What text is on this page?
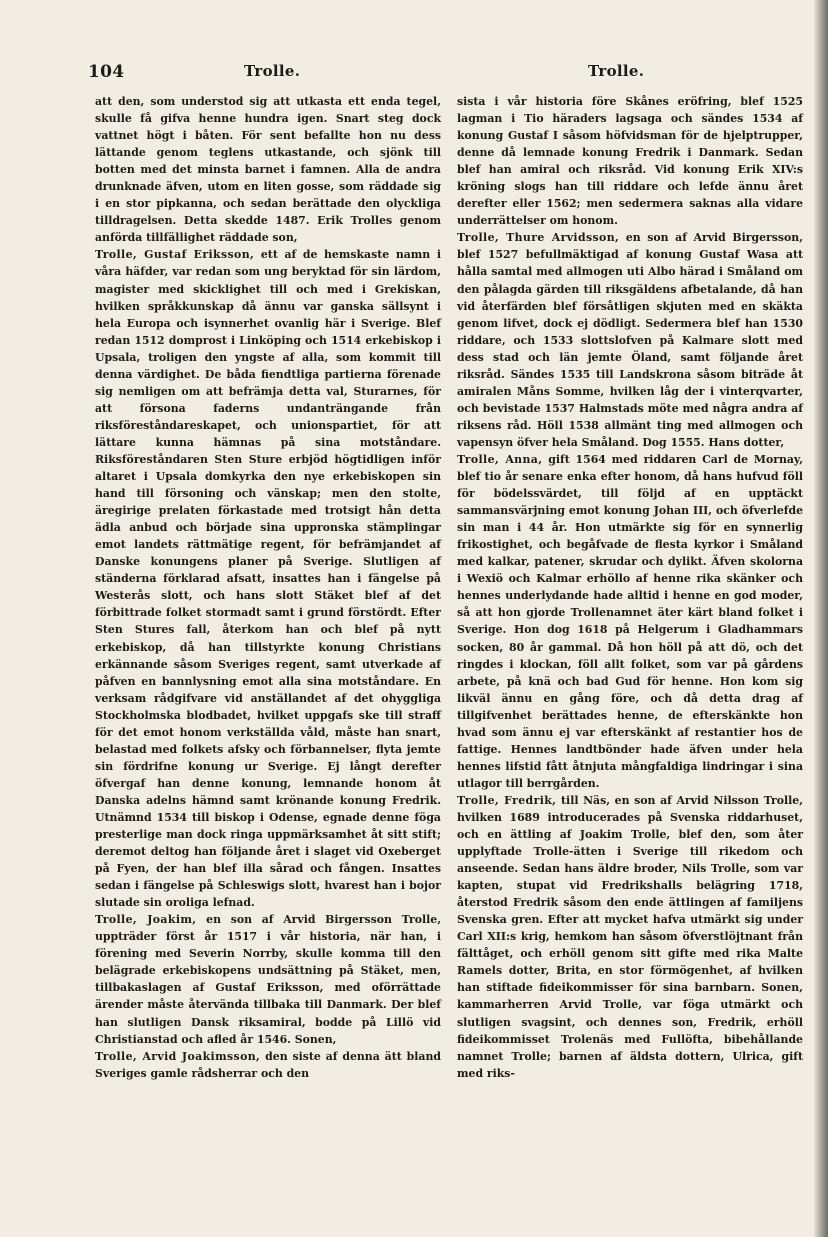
104	Trolle.	Trolle.

att den, som understod sig att utkasta ett enda tegel, skulle få gifva henne hundra igen. Snart steg dock vattnet högt i båten. För sent befallte hon nu dess lättande genom teglens utkastande, och sjönk till botten med det minsta barnet i famnen. Alla de andra drunknade äfven, utom en liten gosse, som räddade sig i en stor pipkanna, och sedan berättade den olyckliga tilldragelsen. Detta skedde 1487. Erik Trolles genom anförda tillfällighet räddade son,

Trolle, Gustaf Eriksson, ett af de hemskaste namn i våra häfder, var redan som ung beryktad för sin lärdom, magister med skicklighet till och med i Grekiskan, hvilken språkkunskap då ännu var ganska sällsynt i hela Europa och isynnerhet ovanlig här i Sverige. Blef redan 1512 domprost i Linköping och 1514 erkebiskop i Upsala, troligen den yngste af alla, som kommit till denna värdighet. De båda fiendtliga partierna förenade sig nemligen om att befrämja detta val, Sturarnes, för att försona faderns undanträngande från riksföreståndareskapet, och unionspartiet, för att lättare kunna hämnas på sina motståndare. Riksföreståndaren Sten Sture erbjöd högtidligen inför altaret i Upsala domkyrka den nye erkebiskopen sin hand till försoning och vänskap; men den stolte, äregirige prelaten förkastade med trotsigt hån detta ädla anbud och började sina uppronska stämplingar emot landets rättmätige regent, för befrämjandet af Danske konungens planer på Sverige. Slutligen af ständerna förklarad afsatt, insattes han i fängelse på Westerås slott, och hans slott Stäket blef af det förbittrade folket stormadt samt i grund förstördt. Efter Sten Stures fall, återkom han och blef på nytt erkebiskop, då han tillstyrkte konung Christians erkännande såsom Sveriges regent, samt utverkade af påfven en bannlysning emot alla sina motståndare. En verksam rådgifvare vid anställandet af det ohyggliga Stockholmska blodbadet, hvilket uppgafs ske till straff för det emot honom verkställda våld, måste han snart, belastad med folkets afsky och förbannelser, flyta jemte sin fördrifne konung ur Sverige. Ej långt derefter öfvergaf han denne konung, lemnande honom åt Danska adelns hämnd samt krönande konung Fredrik. Utnämnd 1534 till biskop i Odense, egnade denne föga presterlige man dock ringa uppmärksamhet åt sitt stift; deremot deltog han följande året i slaget vid Oxeberget på Fyen, der han blef illa sårad och fången. Insattes sedan i fängelse på Schleswigs slott, hvarest han i bojor slutade sin oroliga lefnad.

Trolle, Joakim, en son af Arvid Birgersson Trolle, uppträder först år 1517 i vår historia, när han, i förening med Severin Norrby, skulle komma till den belägrade erkebiskopens undsättning på Stäket, men, tillbakaslagen af Gustaf Eriksson, med oförrättade ärender måste återvända tillbaka till Danmark. Der blef han slutligen Dansk riksamiral, bodde på Lillö vid Christianstad och afled år 1546. Sonen,

Trolle, Arvid Joakimsson, den siste af denna ätt bland Sveriges gamle rådsherrar och den

sista i vår historia före Skånes eröfring, blef 1525 lagman i Tio häraders lagsaga och sändes 1534 af konung Gustaf I såsom höfvidsman för de hjelptrupper, denne då lemnade konung Fredrik i Danmark. Sedan blef han amiral och riksråd. Vid konung Erik XIV:s kröning slogs han till riddare och lefde ännu året derefter eller 1562; men sedermera saknas alla vidare underrättelser om honom.

Trolle, Thure Arvidsson, en son af Arvid Birgersson, blef 1527 befullmäktigad af konung Gustaf Wasa att hålla samtal med allmogen uti Albo härad i Småland om den pålagda gärden till riksgäldens afbetalande, då han vid återfärden blef försåtligen skjuten med en skäkta genom lifvet, dock ej dödligt. Sedermera blef han 1530 riddare, och 1533 slottslofven på Kalmare slott med dess stad och län jemte Öland, samt följande året riksråd. Sändes 1535 till Landskrona såsom biträde åt amiralen Måns Somme, hvilken låg der i vinterqvarter, och bevistade 1537 Halmstads möte med några andra af riksens råd. Höll 1538 allmänt ting med allmogen och vapensyn öfver hela Småland. Dog 1555. Hans dotter,

Trolle, Anna, gift 1564 med riddaren Carl de Mornay, blef tio år senare enka efter honom, då hans hufvud föll för bödelssvärdet, till följd af en upptäckt sammansvärjning emot konung Johan III, och öfverlefde sin man i 44 år. Hon utmärkte sig för en synnerlig frikostighet, och begåfvade de flesta kyrkor i Småland med kalkar, patener, skrudar och dylikt. Äfven skolorna i Wexiö och Kalmar erhöllo af henne rika skänker och hennes underlydande hade alltid i henne en god moder, så att hon gjorde Trollenamnet äter kärt bland folket i Sverige. Hon dog 1618 på Helgerum i Gladhammars socken, 80 år gammal. Då hon höll på att dö, och det ringdes i klockan, föll allt folket, som var på gårdens arbete, på knä och bad Gud för henne. Hon kom sig likväl ännu en gång före, och då detta drag af tillgifvenhet berättades henne, de efterskänkte hon hvad som ännu ej var efterskänkt af restantier hos de fattige. Hennes landtbönder hade äfven under hela hennes lifstid fått åtnjuta mångfaldiga lindringar i sina utlagor till berrgården.

Trolle, Fredrik, till Näs, en son af Arvid Nilsson Trolle, hvilken 1689 introducerades på Svenska riddarhuset, och en ättling af Joakim Trolle, blef den, som åter upplyftade Trolle-ätten i Sverige till rikedom och anseende. Sedan hans äldre broder, Nils Trolle, som var kapten, stupat vid Fredrikshalls belägring 1718, återstod Fredrik såsom den ende ättlingen af familjens Svenska gren. Efter att mycket hafva utmärkt sig under Carl XII:s krig, hemkom han såsom öfverstlöjtnant från fälttåget, och erhöll genom sitt gifte med rika Malte Ramels dotter, Brita, en stor förmögenhet, af hvilken han stiftade fideikommisser för sina barnbarn. Sonen, kammarherren Arvid Trolle, var föga utmärkt och slutligen svagsint, och dennes son, Fredrik, erhöll fideikommisset Trolenäs med Fullöfta, bibehållande namnet Trolle; barnen af äldsta dottern, Ulrica, gift med riks-
